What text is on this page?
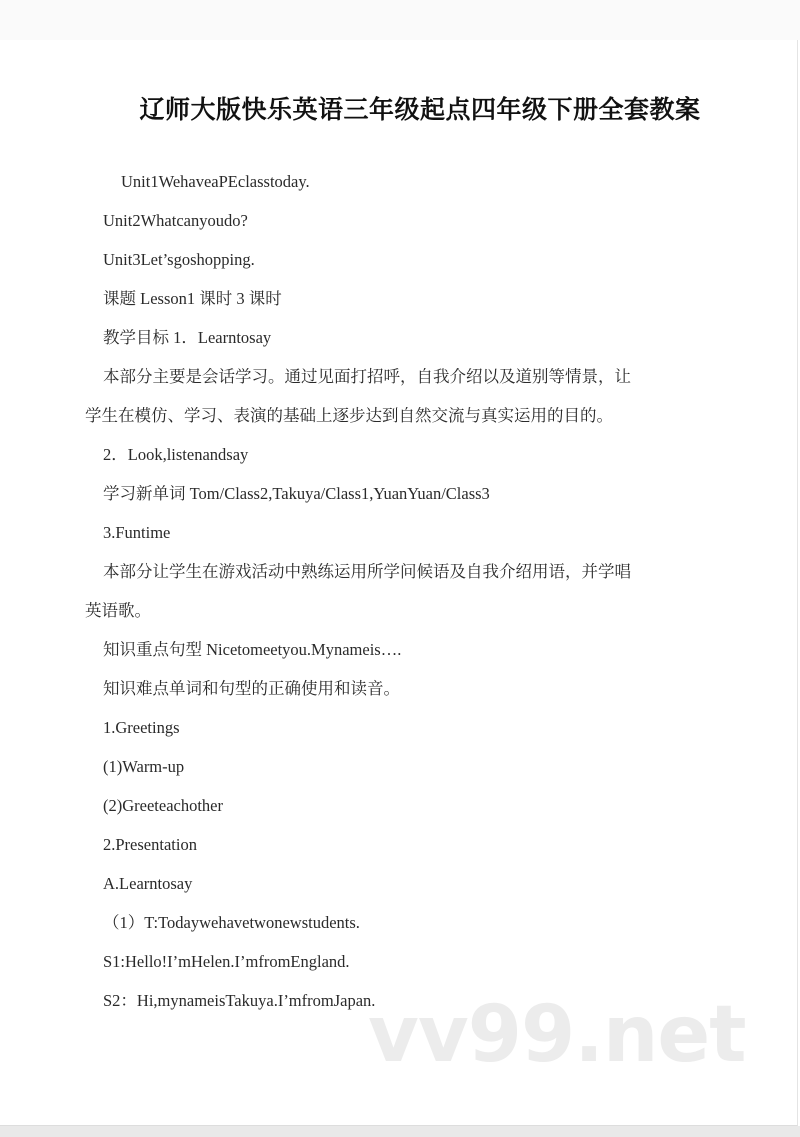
辽师大版快乐英语三年级起点四年级下册全套教案
Unit1WehaveaPEclasstoday.
Unit2Whatcanyoudo?
Unit3Let’sgoshopping.
课题 Lesson1 课时 3 课时
教学目标 1．Learntosay
本部分主要是会话学习。通过见面打招呼，自我介绍以及道别等情景，让
学生在模仿、学习、表演的基础上逐步达到自然交流与真实运用的目的。
2．Look,listenandsay
学习新单词 Tom/Class2,Takuya/Class1,YuanYuan/Class3
3.Funtime
本部分让学生在游戏活动中熟练运用所学问候语及自我介绍用语，并学唱
英语歌。
知识重点句型 Nicetomeetyou.Mynameis….
知识难点单词和句型的正确使用和读音。
1.Greetings
(1)Warm-up
(2)Greeteachother
2.Presentation
A.Learntosay
（1）T:Todaywehavetwonewstudents.
S1:Hello!I’mHelen.I’mfromEngland.
S2：Hi,mynameisTakuya.I’mfromJapan.
vv99.net
